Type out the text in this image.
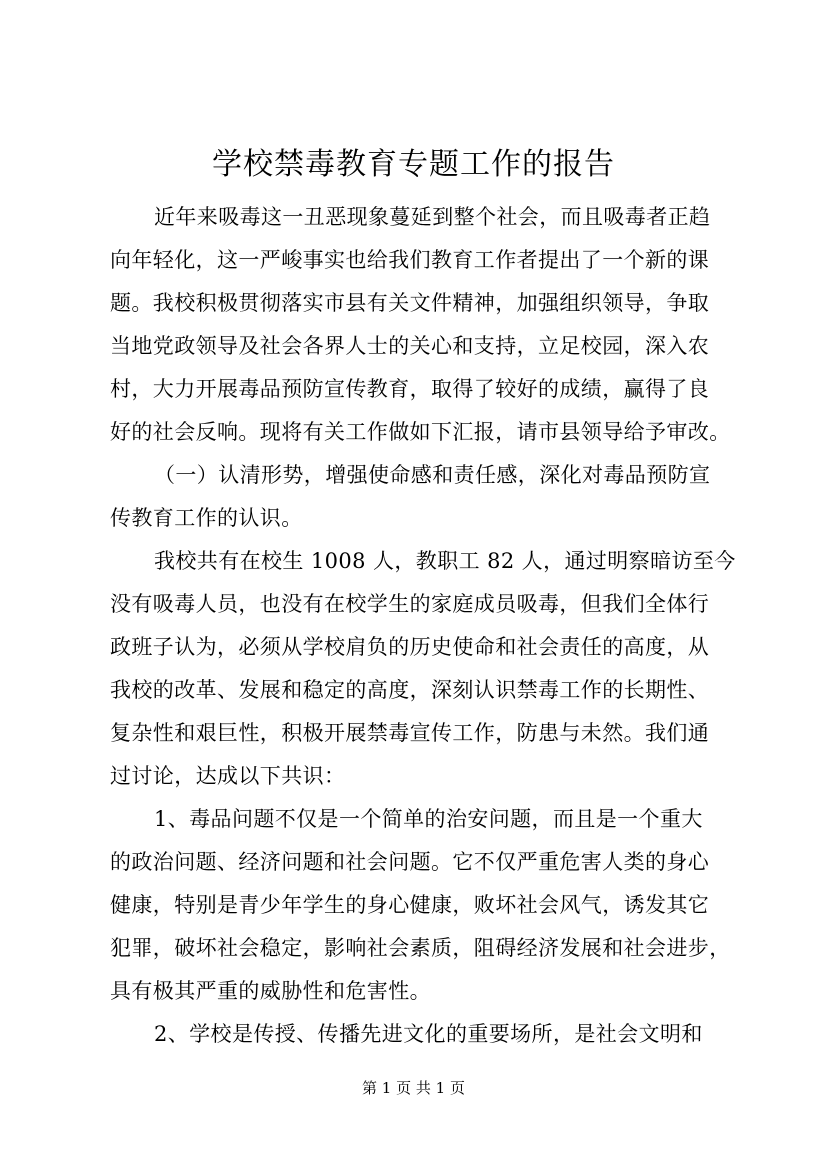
学校禁毒教育专题工作的报告
近年来吸毒这一丑恶现象蔓延到整个社会，而且吸毒者正趋
向年轻化，这一严峻事实也给我们教育工作者提出了一个新的课
题。我校积极贯彻落实市县有关文件精神，加强组织领导，争取
当地党政领导及社会各界人士的关心和支持，立足校园，深入农
村，大力开展毒品预防宣传教育，取得了较好的成绩，赢得了良
好的社会反响。现将有关工作做如下汇报，请市县领导给予审改。
（一）认清形势，增强使命感和责任感，深化对毒品预防宣
传教育工作的认识。
我校共有在校生 1008 人，教职工 82 人，通过明察暗访至今
没有吸毒人员，也没有在校学生的家庭成员吸毒，但我们全体行
政班子认为，必须从学校肩负的历史使命和社会责任的高度，从
我校的改革、发展和稳定的高度，深刻认识禁毒工作的长期性、
复杂性和艰巨性，积极开展禁毒宣传工作，防患与未然。我们通
过讨论，达成以下共识：
1、毒品问题不仅是一个简单的治安问题，而且是一个重大
的政治问题、经济问题和社会问题。它不仅严重危害人类的身心
健康，特别是青少年学生的身心健康，败坏社会风气，诱发其它
犯罪，破坏社会稳定，影响社会素质，阻碍经济发展和社会进步，
具有极其严重的威胁性和危害性。
2、学校是传授、传播先进文化的重要场所，是社会文明和
第 1 页 共 1 页
